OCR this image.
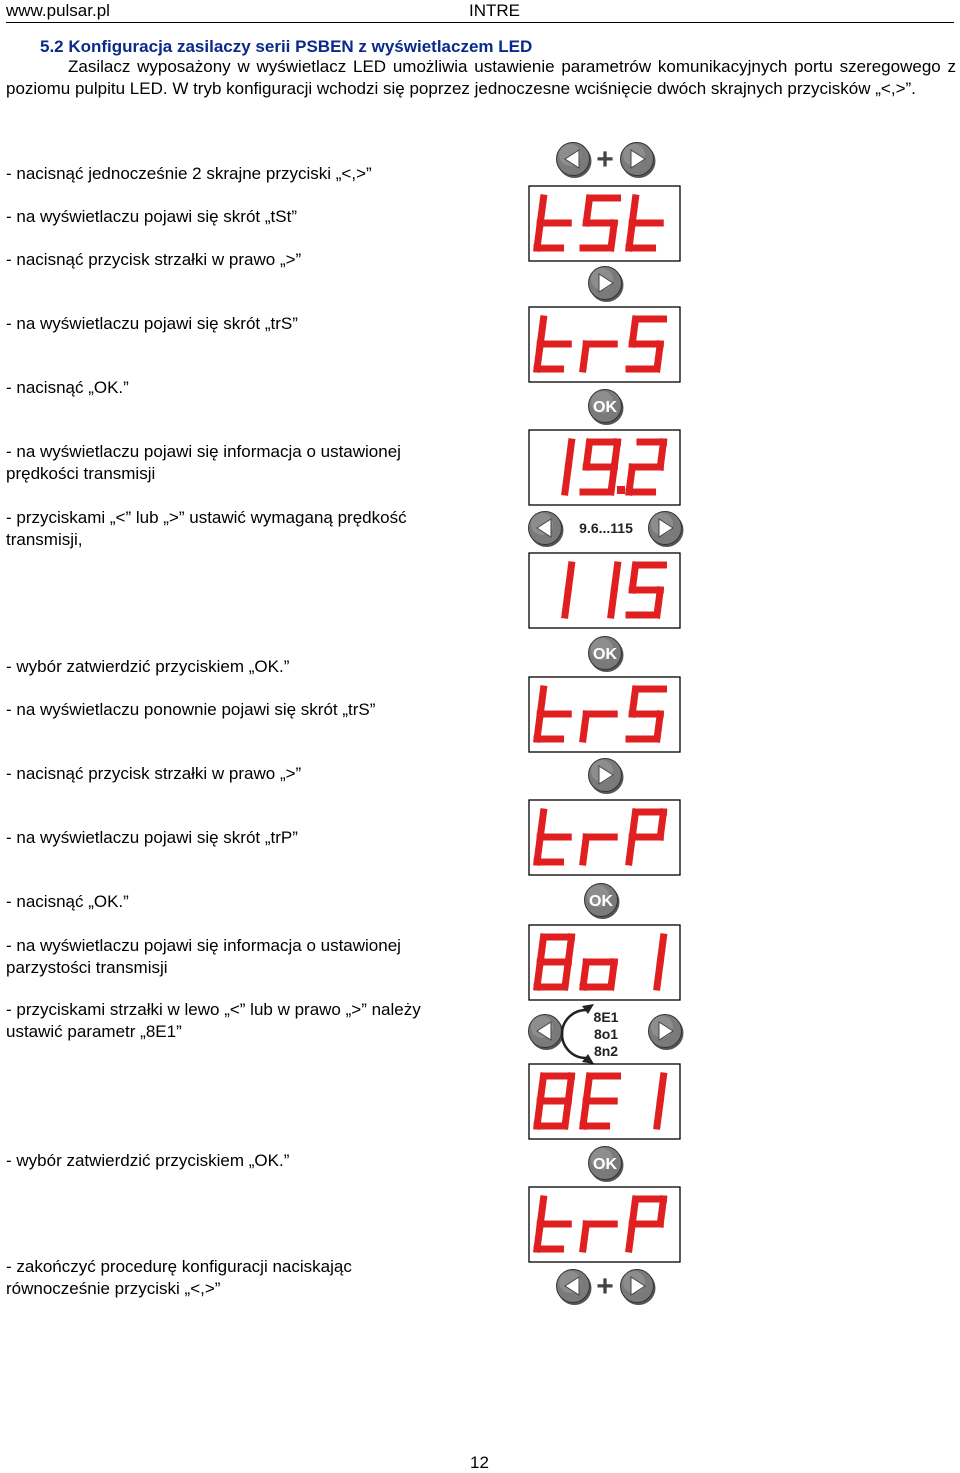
www.pulsar.pl	INTRE
5.2 Konfiguracja zasilaczy serii PSBEN z wyświetlaczem LED
Zasilacz wyposażony w wyświetlacz LED umożliwia ustawienie parametrów komunikacyjnych portu szeregowego z poziomu pulpitu LED. W tryb konfiguracji wchodzi się poprzez jednoczesne wciśnięcie dwóch skrajnych przycisków „<,>”.
- nacisnąć jednocześnie 2 skrajne przyciski „<,>”
- na wyświetlaczu pojawi się skrót „tSt”
- nacisnąć przycisk strzałki w prawo „>”
- na wyświetlaczu pojawi się skrót „trS”
- nacisnąć „OK.”
- na wyświetlaczu pojawi się informacja o ustawionej
prędkości transmisji
- przyciskami „<” lub „>” ustawić wymaganą prędkość
transmisji,
- wybór zatwierdzić przyciskiem „OK.”
- na wyświetlaczu ponownie pojawi się skrót „trS”
- nacisnąć przycisk strzałki w prawo „>”
- na wyświetlaczu pojawi się skrót „trP”
- nacisnąć „OK.”
- na wyświetlaczu pojawi się informacja o ustawionej
parzystości transmisji
- przyciskami strzałki w lewo „<” lub w prawo „>” należy
ustawić parametr „8E1”
- wybór zatwierdzić przyciskiem „OK.”
- zakończyć procedurę konfiguracji naciskając
równocześnie przyciski „<,>”
+
OK
9.6...115
OK
OK
8E1
8o1
8n2
OK
+
12
